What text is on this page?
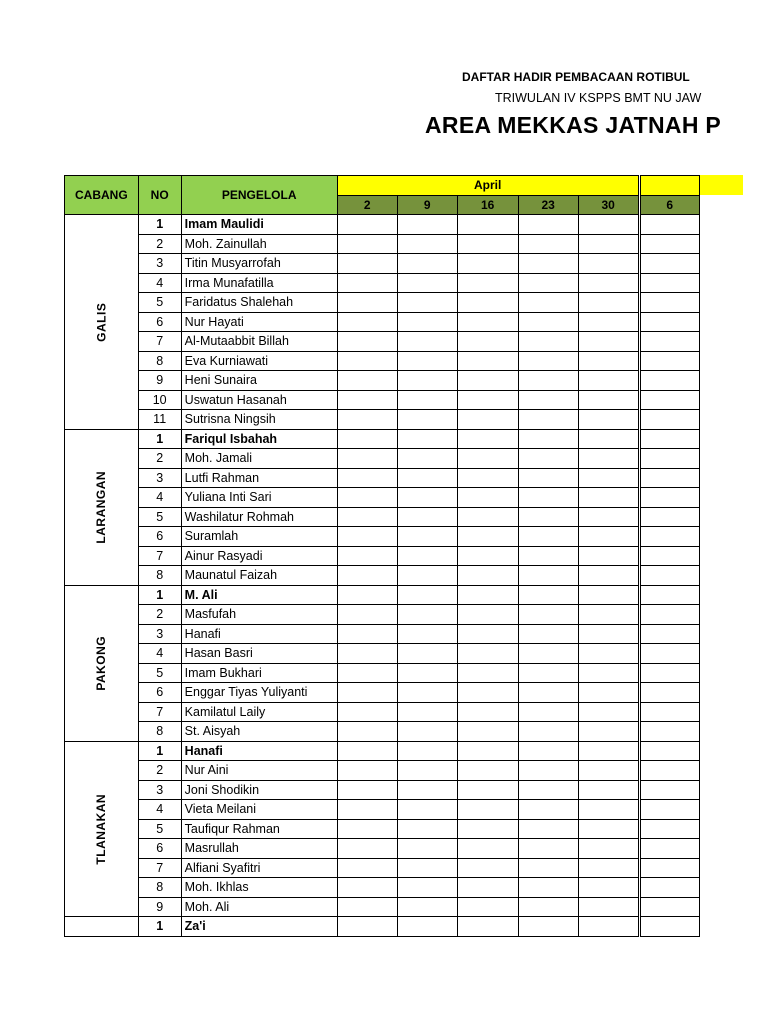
DAFTAR HADIR PEMBACAAN ROTIBUL
TRIWULAN IV KSPPS BMT NU JAW
AREA MEKKAS JATNAH P
CABANG	NO	PENGELOLA	April					
			2	9	16	23	30	6
GALIS	1	Imam Maulidi						
	2	Moh. Zainullah						
	3	Titin Musyarrofah						
	4	Irma Munafatilla						
	5	Faridatus Shalehah						
	6	Nur Hayati						
	7	Al-Mutaabbit Billah						
	8	Eva Kurniawati						
	9	Heni Sunaira						
	10	Uswatun Hasanah						
	11	Sutrisna Ningsih						
LARANGAN	1	Fariqul Isbahah						
	2	Moh. Jamali						
	3	Lutfi Rahman						
	4	Yuliana Inti Sari						
	5	Washilatur Rohmah						
	6	Suramlah						
	7	Ainur Rasyadi						
	8	Maunatul Faizah						
PAKONG	1	M. Ali						
	2	Masfufah						
	3	Hanafi						
	4	Hasan Basri						
	5	Imam Bukhari						
	6	Enggar Tiyas Yuliyanti						
	7	Kamilatul Laily						
	8	St. Aisyah						
TLANAKAN	1	Hanafi						
	2	Nur Aini						
	3	Joni Shodikin						
	4	Vieta Meilani						
	5	Taufiqur Rahman						
	6	Masrullah						
	7	Alfiani Syafitri						
	8	Moh. Ikhlas						
	9	Moh. Ali						
	1	Za'i						
